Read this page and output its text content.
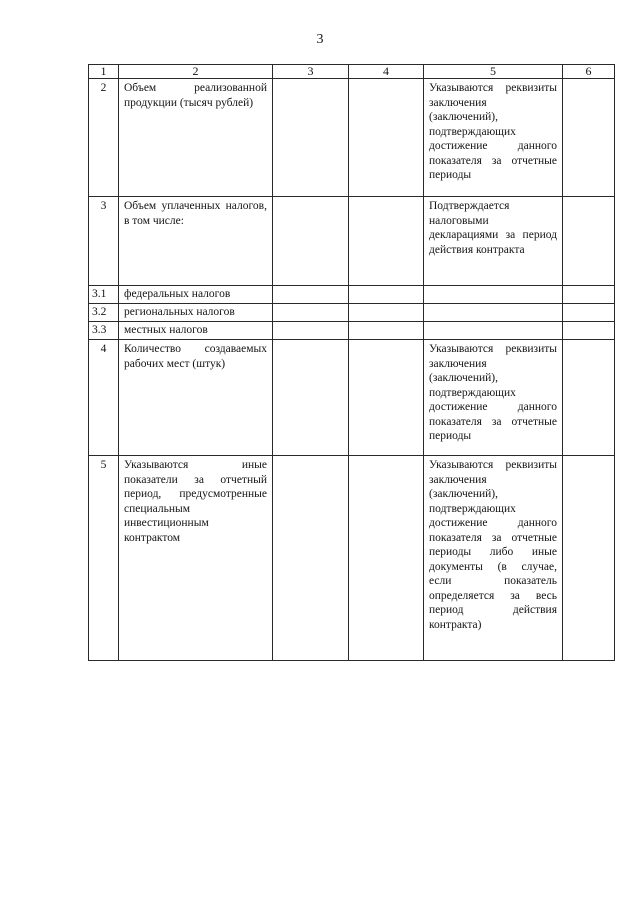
3
1	2	3	4	5	6
2	Объем реализованной продукции (тысяч рублей)			Указываются реквизиты заключения (заключений), подтверждающих достижение данного показателя за отчетные периоды	
3	Объем уплаченных налогов, в том числе:			Подтверждается налоговыми декларациями за период действия контракта	
3.1	федеральных налогов				
3.2	региональных налогов				
3.3	местных налогов				
4	Количество создаваемых рабочих мест (штук)			Указываются реквизиты заключения (заключений), подтверждающих достижение данного показателя за отчетные периоды	
5	Указываются иные показатели за отчетный период, предусмотренные специальным инвестиционным контрактом			Указываются реквизиты заключения (заключений), подтверждающих достижение данного показателя за отчетные периоды либо иные документы (в случае, если показатель определяется за весь период действия контракта)	
